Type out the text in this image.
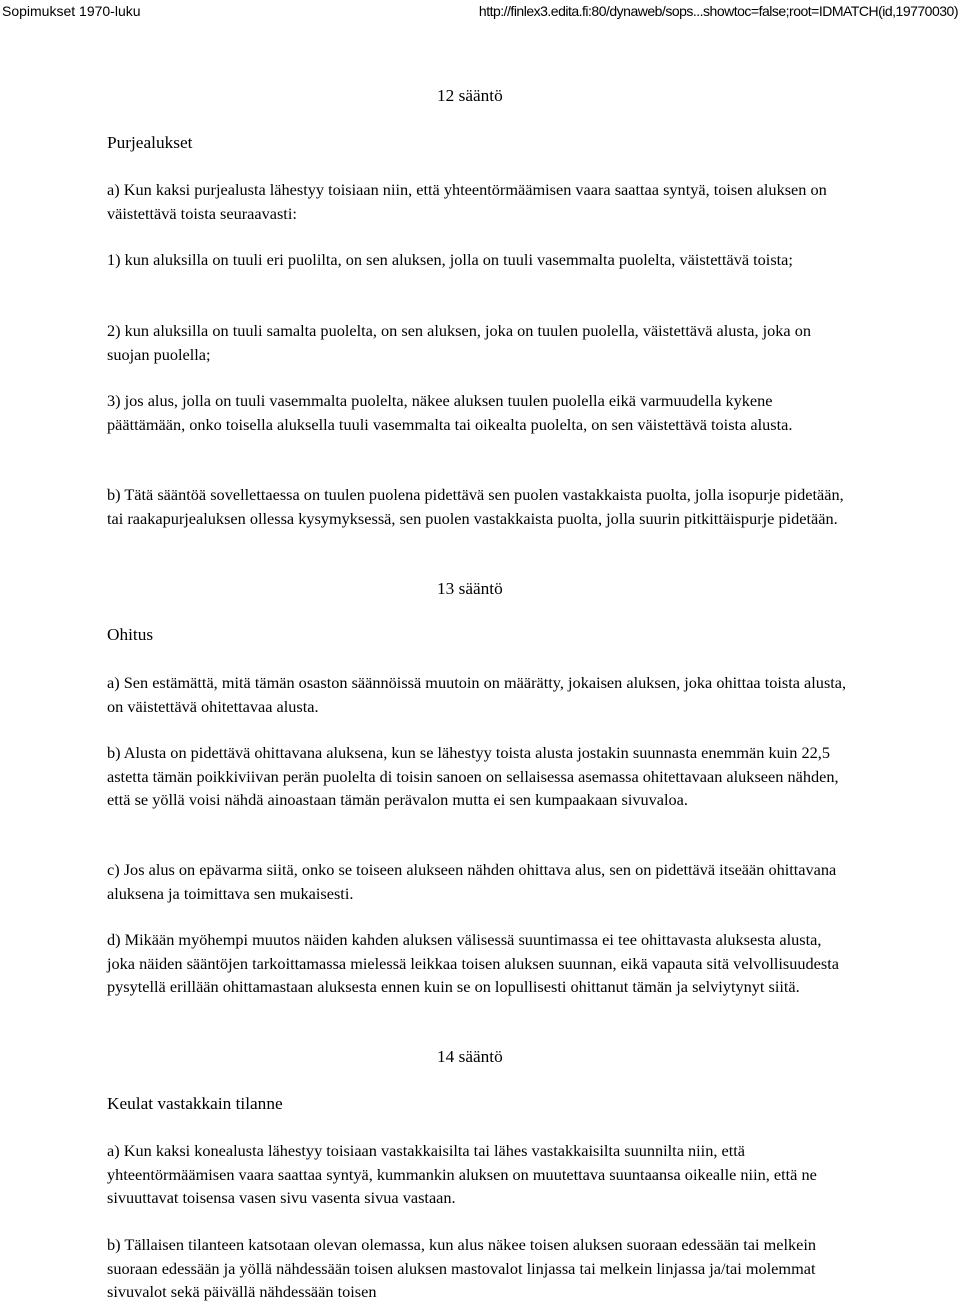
Sopimukset 1970-luku	http://finlex3.edita.fi:80/dynaweb/sops...showtoc=false;root=IDMATCH(id,19770030)
12 sääntö
Purjealukset

a) Kun kaksi purjealusta lähestyy toisiaan niin, että yhteentörmäämisen vaara saattaa syntyä, toisen aluksen on väistettävä toista seuraavasti:

1) kun aluksilla on tuuli eri puolilta, on sen aluksen, jolla on tuuli vasemmalta puolelta, väistettävä toista;

2) kun aluksilla on tuuli samalta puolelta, on sen aluksen, joka on tuulen puolella, väistettävä alusta, joka on suojan puolella;

3) jos alus, jolla on tuuli vasemmalta puolelta, näkee aluksen tuulen puolella eikä varmuudella kykene päättämään, onko toisella aluksella tuuli vasemmalta tai oikealta puolelta, on sen väistettävä toista alusta.

b) Tätä sääntöä sovellettaessa on tuulen puolena pidettävä sen puolen vastakkaista puolta, jolla isopurje pidetään, tai raakapurjealuksen ollessa kysymyksessä, sen puolen vastakkaista puolta, jolla suurin pitkittäispurje pidetään.

13 sääntö
Ohitus

a) Sen estämättä, mitä tämän osaston säännöissä muutoin on määrätty, jokaisen aluksen, joka ohittaa toista alusta, on väistettävä ohitettavaa alusta.

b) Alusta on pidettävä ohittavana aluksena, kun se lähestyy toista alusta jostakin suunnasta enemmän kuin 22,5 astetta tämän poikkiviivan perän puolelta di toisin sanoen on sellaisessa asemassa ohitettavaan alukseen nähden, että se yöllä voisi nähdä ainoastaan tämän perävalon mutta ei sen kumpaakaan sivuvaloa.

c) Jos alus on epävarma siitä, onko se toiseen alukseen nähden ohittava alus, sen on pidettävä itseään ohittavana aluksena ja toimittava sen mukaisesti.

d) Mikään myöhempi muutos näiden kahden aluksen välisessä suuntimassa ei tee ohittavasta aluksesta alusta, joka näiden sääntöjen tarkoittamassa mielessä leikkaa toisen aluksen suunnan, eikä vapauta sitä velvollisuudesta pysytellä erillään ohittamastaan aluksesta ennen kuin se on lopullisesti ohittanut tämän ja selviytynyt siitä.

14 sääntö
Keulat vastakkain tilanne

a) Kun kaksi konealusta lähestyy toisiaan vastakkaisilta tai lähes vastakkaisilta suunnilta niin, että yhteentörmäämisen vaara saattaa syntyä, kummankin aluksen on muutettava suuntaansa oikealle niin, että ne sivuuttavat toisensa vasen sivu vasenta sivua vastaan.

b) Tällaisen tilanteen katsotaan olevan olemassa, kun alus näkee toisen aluksen suoraan edessään tai melkein suoraan edessään ja yöllä nähdessään toisen aluksen mastovalot linjassa tai melkein linjassa ja/tai molemmat sivuvalot sekä päivällä nähdessään toisen
